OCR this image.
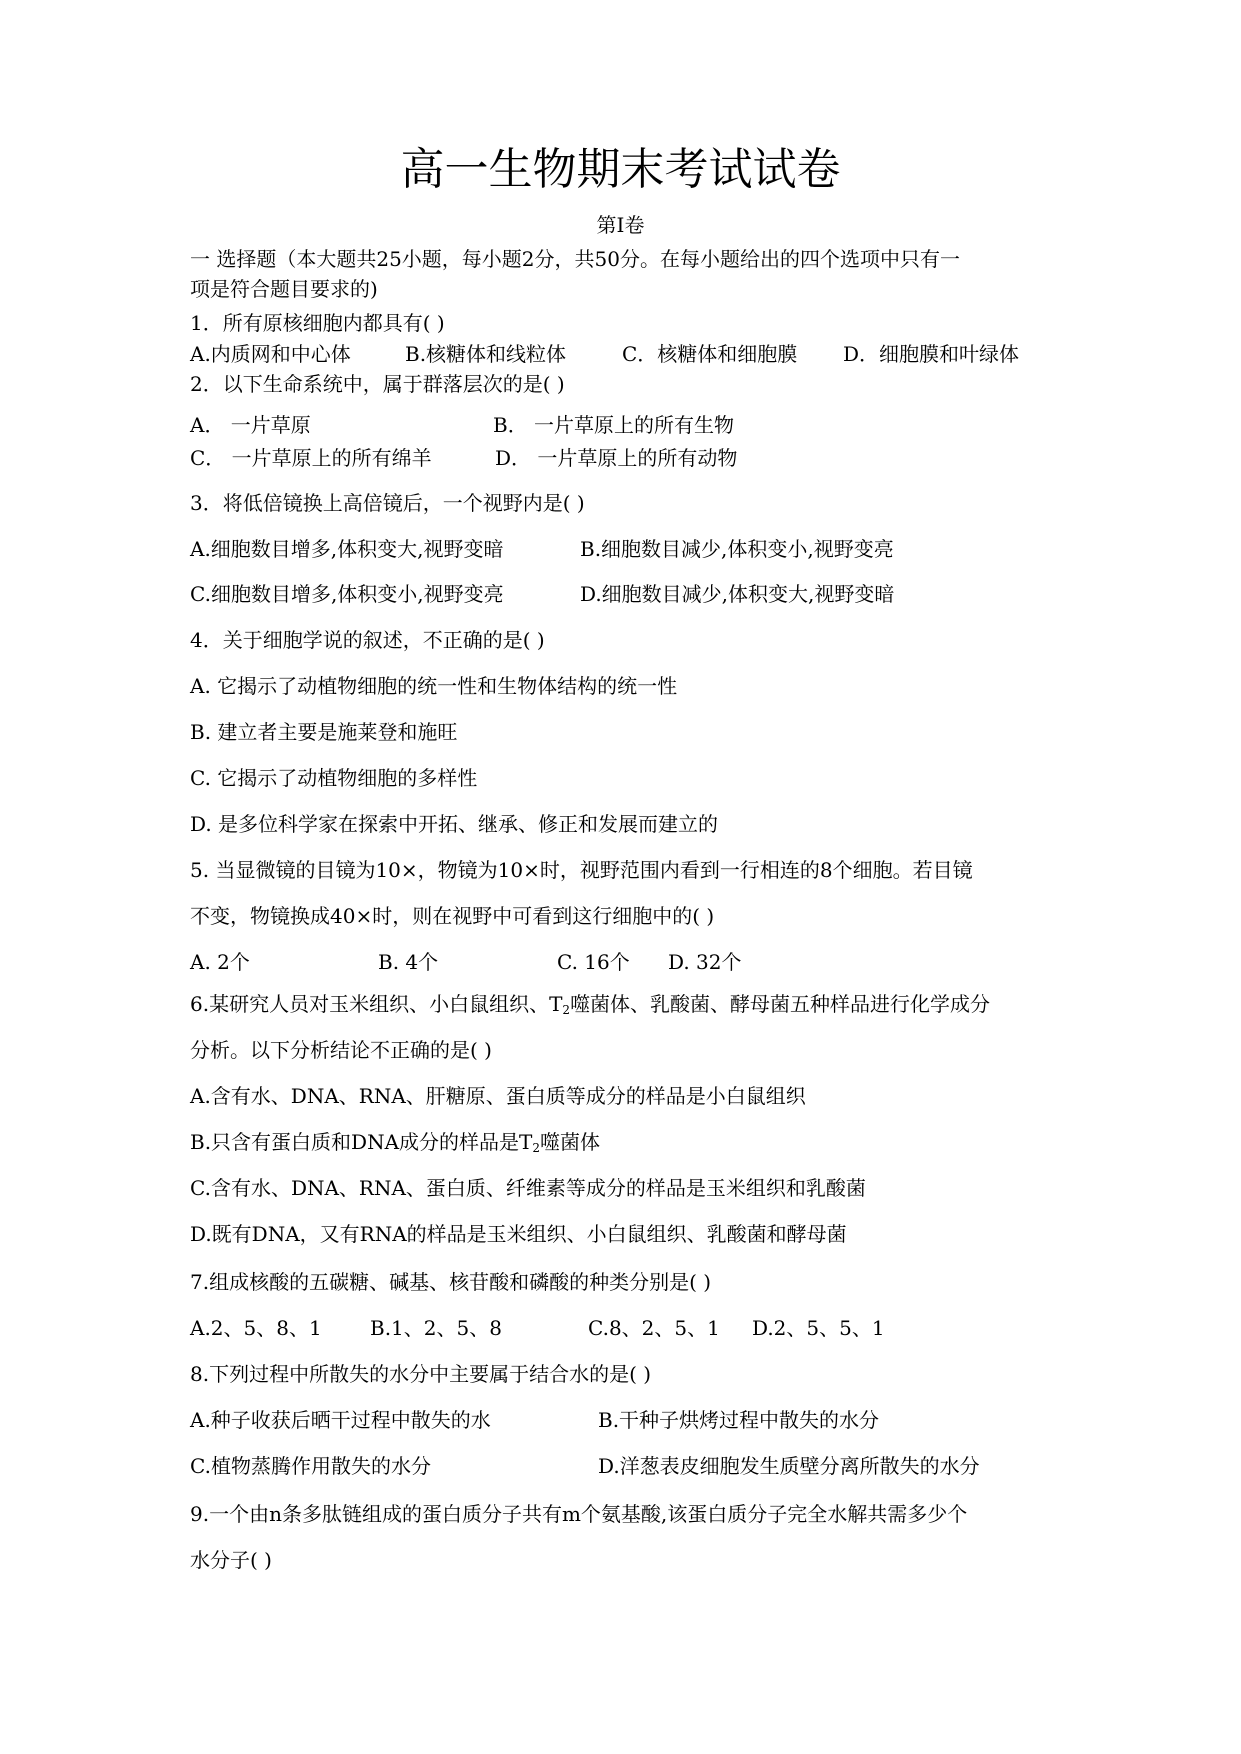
高一生物期末考试试卷
第Ⅰ卷
一 选择题（本大题共25小题，每小题2分，共50分。在每小题给出的四个选项中只有一
项是符合题目要求的)
1．所有原核细胞内都具有( )
A.内质网和中心体	B.核糖体和线粒体	C．核糖体和细胞膜 D．细胞膜和叶绿体
2．以下生命系统中，属于群落层次的是( )
A． 一片草原	B． 一片草原上的所有生物
C． 一片草原上的所有绵羊	D． 一片草原上的所有动物
3．将低倍镜换上高倍镜后，一个视野内是( )
A.细胞数目增多,体积变大,视野变暗	B.细胞数目减少,体积变小,视野变亮
C.细胞数目增多,体积变小,视野变亮	D.细胞数目减少,体积变大,视野变暗
4．关于细胞学说的叙述，不正确的是( )
A. 它揭示了动植物细胞的统一性和生物体结构的统一性
B. 建立者主要是施莱登和施旺
C. 它揭示了动植物细胞的多样性
D. 是多位科学家在探索中开拓、继承、修正和发展而建立的
5. 当显微镜的目镜为10×，物镜为10×时，视野范围内看到一行相连的8个细胞。若目镜
不变，物镜换成40×时，则在视野中可看到这行细胞中的( )
A. 2个	B. 4个	C. 16个 D. 32个
6.某研究人员对玉米组织、小白鼠组织、$T_2$噬菌体、乳酸菌、酵母菌五种样品进行化学成分
分析。以下分析结论不正确的是( )
A.含有水、DNA、RNA、肝糖原、蛋白质等成分的样品是小白鼠组织
B.只含有蛋白质和DNA成分的样品是$T_2$噬菌体
C.含有水、DNA、RNA、蛋白质、纤维素等成分的样品是玉米组织和乳酸菌
D.既有DNA，又有RNA的样品是玉米组织、小白鼠组织、乳酸菌和酵母菌
7.组成核酸的五碳糖、碱基、核苷酸和磷酸的种类分别是( )
A.2、5、8、1 B.1、2、5、8	C.8、2、5、1 D.2、5、5、1
8.下列过程中所散失的水分中主要属于结合水的是( )
A.种子收获后晒干过程中散失的水	B.干种子烘烤过程中散失的水分
C.植物蒸腾作用散失的水分	D.洋葱表皮细胞发生质壁分离所散失的水分
9.一个由n条多肽链组成的蛋白质分子共有m个氨基酸,该蛋白质分子完全水解共需多少个
水分子( )
